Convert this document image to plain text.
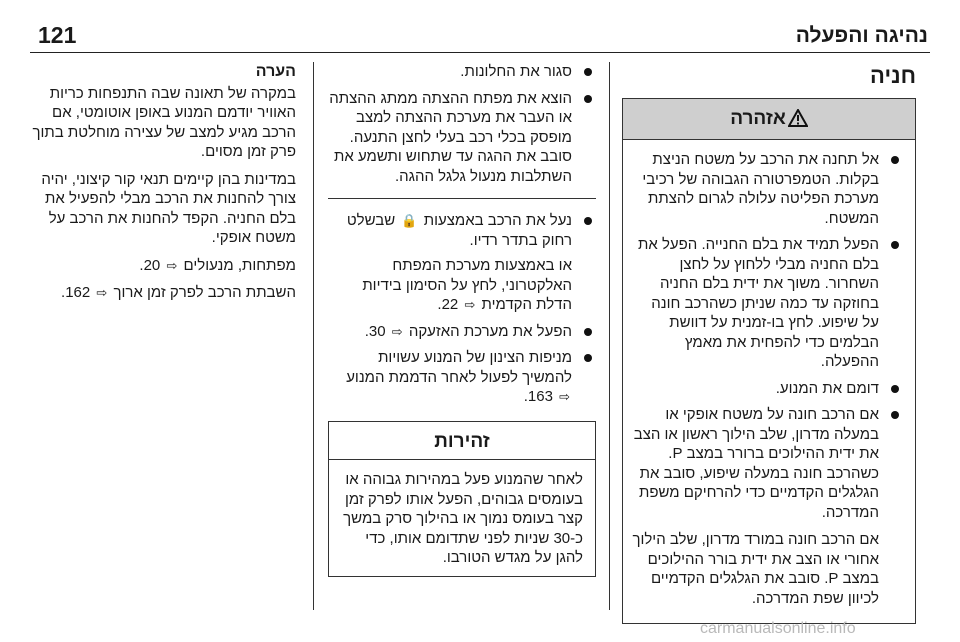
121	נהיגה והפעלה
חניה
אזהרה
אל תחנה את הרכב על משטח הניצת בקלות. הטמפרטורה הגבוהה של רכיבי מערכת הפליטה עלולה לגרום להצתת המשטח.
הפעל תמיד את בלם החנייה. הפעל את בלם החניה מבלי ללחוץ על לחצן השחרור. משוך את ידית בלם החניה בחוזקה עד כמה שניתן כשהרכב חונה על שיפוע. לחץ בו-זמנית על דוושת הבלמים כדי להפחית את מאמץ ההפעלה.
דומם את המנוע.
אם הרכב חונה על משטח אופקי או במעלה מדרון, שלב הילוך ראשון או הצב את ידית ההילוכים ברורר במצב P. כשהרכב חונה במעלה שיפוע, סובב את הגלגלים הקדמיים כדי להרחיקם משפת המדרכה.
אם הרכב חונה במורד מדרון, שלב הילוך אחורי או הצב את ידית בורר ההילוכים במצב P. סובב את הגלגלים הקדמיים לכיוון שפת המדרכה.
סגור את החלונות.
הוצא את מפתח ההצתה ממתג ההצתה או העבר את מערכת ההצתה למצב מופסק בכלי רכב בעלי לחצן התנעה. סובב את ההגה עד שתחוש ותשמע את השתלבות מנעול גלגל ההגה.
נעל את הרכב באמצעות 🔒 שבשלט רחוק בתדר רדיו.
או באמצעות מערכת המפתח האלקטרוני, לחץ על הסימון בידיות הדלת הקדמית ⇨ 22.
הפעל את מערכת האזעקה ⇨ 30.
מניפות הצינון של המנוע עשויות להמשיך לפעול לאחר הדממת המנוע ⇨ 163.
זהירות
לאחר שהמנוע פעל במהירות גבוהה או בעומסים גבוהים, הפעל אותו לפרק זמן קצר בעומס נמוך או בהילוך סרק במשך כ-30 שניות לפני שתדומם אותו, כדי להגן על מגדש הטורבו.
הערה

במקרה של תאונה שבה התנפחות כריות האוויר יודמם המנוע באופן אוטומטי, אם הרכב מגיע למצב של עצירה מוחלטת בתוך פרק זמן מסוים.

במדינות בהן קיימים תנאי קור קיצוני, יהיה צורך להחנות את הרכב מבלי להפעיל את בלם החניה. הקפד להחנות את הרכב על משטח אופקי.

מפתחות, מנעולים ⇨ 20.

השבתת הרכב לפרק זמן ארוך ⇨ 162.

carmanualsonline.info
